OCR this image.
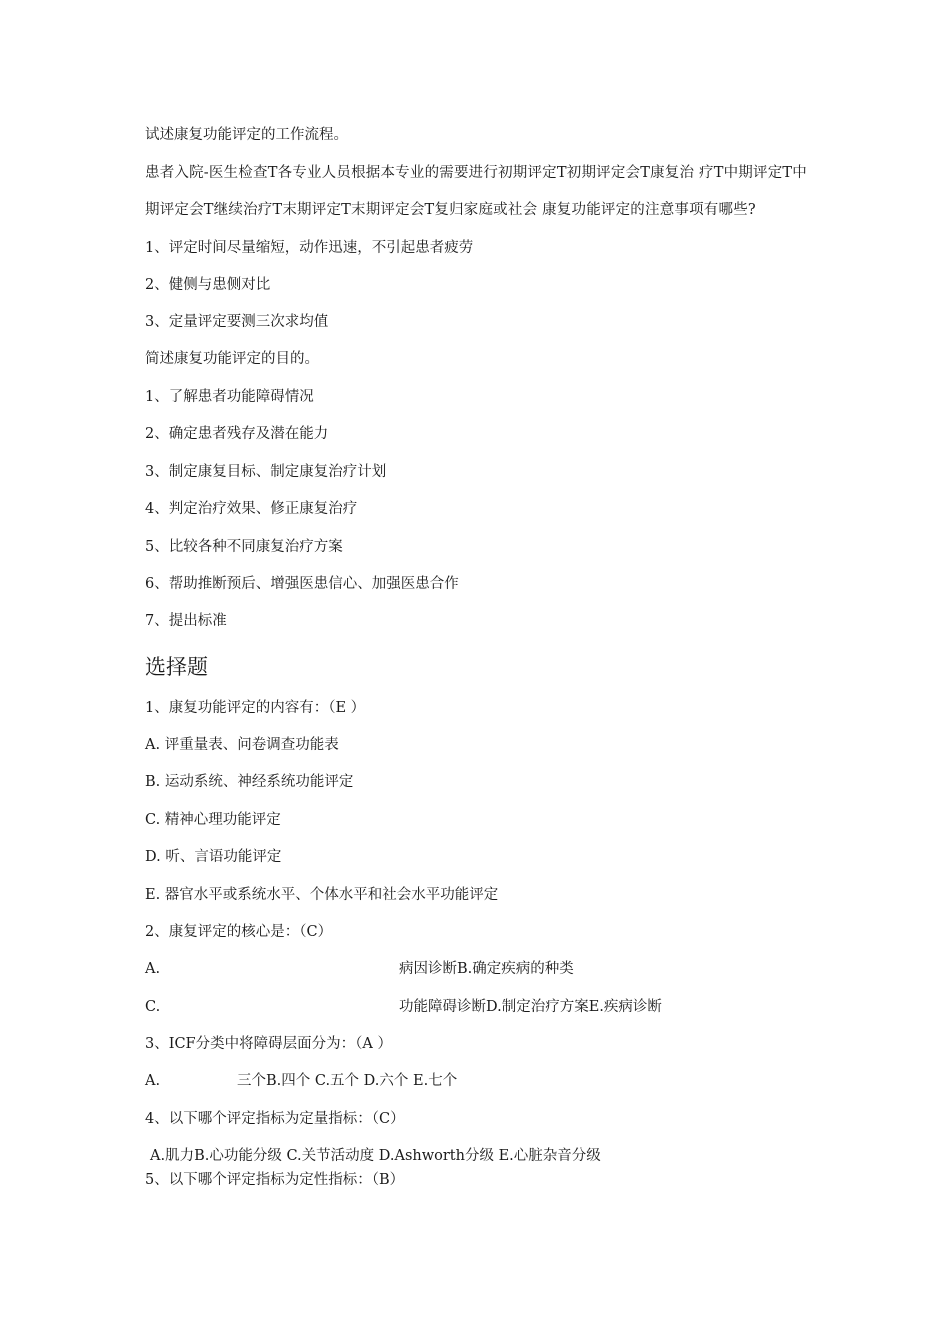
试述康复功能评定的工作流程。
患者入院-医生检查T各专业人员根据本专业的需要进行初期评定T初期评定会T康复治 疗T中期评定T中
期评定会T继续治疗T末期评定T末期评定会T复归家庭或社会 康复功能评定的注意事项有哪些?
1、评定时间尽量缩短，动作迅速，不引起患者疲劳
2、健侧与患侧对比
3、定量评定要测三次求均值
简述康复功能评定的目的。
1、了解患者功能障碍情况
2、确定患者残存及潜在能力
3、制定康复目标、制定康复治疗计划
4、判定治疗效果、修正康复治疗
5、比较各种不同康复治疗方案
6、帮助推断预后、增强医患信心、加强医患合作
7、提出标准
选择题
1、康复功能评定的内容有：（E ）
A. 评重量表、问卷调查功能表
B. 运动系统、神经系统功能评定
C. 精神心理功能评定
D. 听、言语功能评定
E. 器官水平或系统水平、个体水平和社会水平功能评定
2、康复评定的核心是：（C）
A.	病因诊断B.确定疾病的种类
C.	功能障碍诊断D.制定治疗方案E.疾病诊断
3、ICF分类中将障碍层面分为：（A ）
A.	三个B.四个 C.五个 D.六个 E.七个
4、以下哪个评定指标为定量指标：（C）
A.肌力B.心功能分级 C.关节活动度 D.Ashworth分级 E.心脏杂音分级
5、以下哪个评定指标为定性指标：（B）
